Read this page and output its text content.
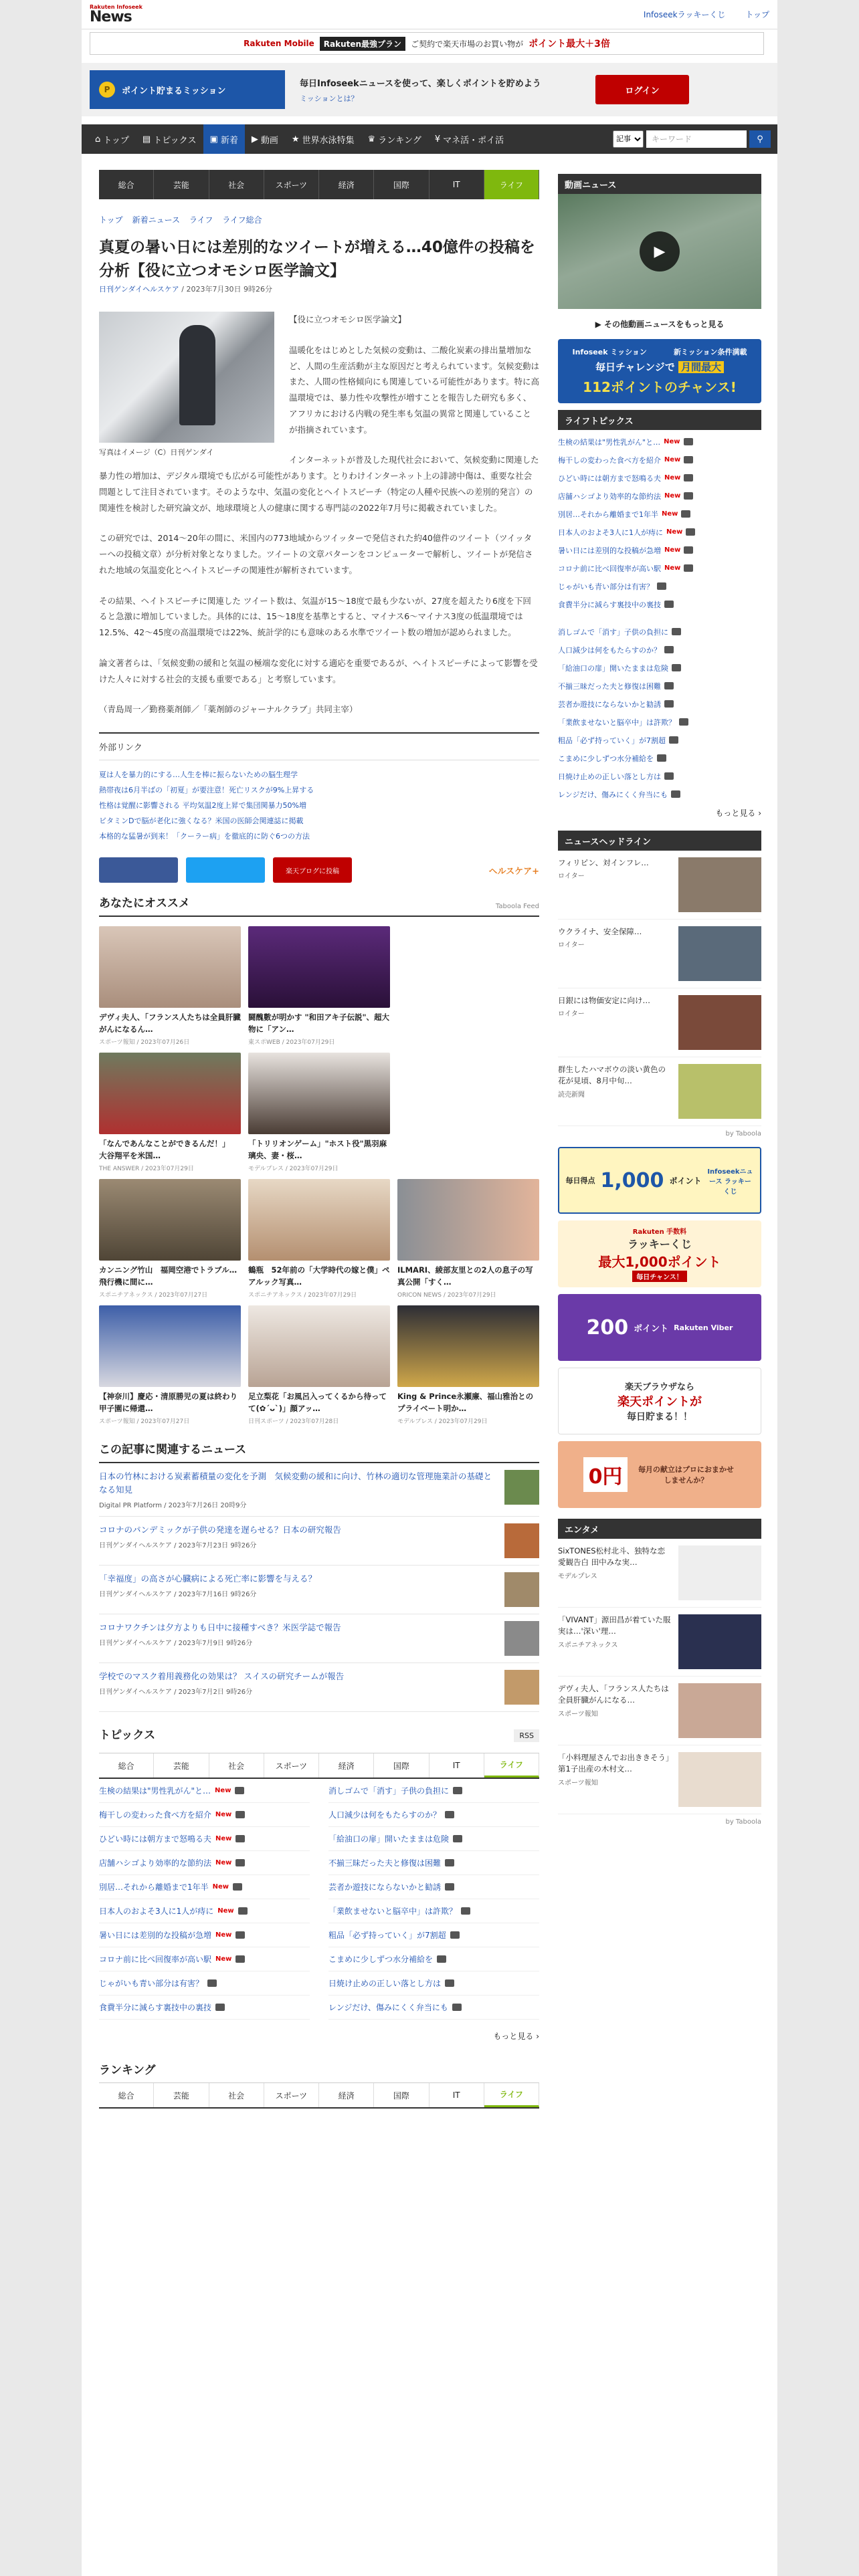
Rakuten Infoseek
News	Infoseekラッキーくじ	トップ
Rakuten Mobile	Rakuten最強プラン	ご契約で楽天市場のお買い物が ポイント最大＋3倍
P	ポイント貯まるミッション
毎日Infoseekニュースを使って、楽しくポイントを貯めよう
ミッションとは？
ログイン
⌂ トップ ▤ トピックス ▣ 新着 ▶ 動画 ★ 世界水泳特集 ♛ ランキング ¥ マネ活・ポイ活
記事	キーワード	⚲
総合	芸能	社会	スポーツ	経済	国際	IT	ライフ
トップ 新着ニュース ライフ ライフ総合
真夏の暑い日には差別的なツイートが増える…40億件の投稿を分析【役に立つオモシロ医学論文】
日刊ゲンダイヘルスケア / 2023年7月30日 9時26分
写真はイメージ（C）日刊ゲンダイ

【役に立つオモシロ医学論文】

温暖化をはじめとした気候の変動は、二酸化炭素の排出量増加など、人間の生産活動が主な原因だと考えられています。気候変動はまた、人間の性格傾向にも関連している可能性があります。特に高温環境では、暴力性や攻撃性が増すことを報告した研究も多く、アフリカにおける内戦の発生率も気温の異常と関連していることが指摘されています。

インターネットが普及した現代社会において、気候変動に関連した暴力性の増加は、デジタル環境でも広がる可能性があります。とりわけインターネット上の誹謗中傷は、重要な社会問題として注目されています。そのような中、気温の変化とヘイトスピーチ（特定の人種や民族への差別的発言）の関連性を検討した研究論文が、地球環境と人の健康に関する専門誌の2022年7月号に掲載されていました。

この研究では、2014～20年の間に、米国内の773地域からツイッターで発信された約40億件のツイート（ツイッターへの投稿文章）が分析対象となりました。ツイートの文章パターンをコンピューターで解析し、ツイートが発信された地域の気温変化とヘイトスピーチの関連性が解析されています。

その結果、ヘイトスピーチに関連した ツイート数は、気温が15～18度で最も少ないが、27度を超えたり6度を下回ると急激に増加していました。具体的には、15～18度を基準とすると、マイナス6～マイナス3度の低温環境では12.5%、42～45度の高温環境では22%、統計学的にも意味のある水準でツイート数の増加が認められました。

論文著者らは、「気候変動の緩和と気温の極端な変化に対する適応を重要であるが、ヘイトスピーチによって影響を受けた人々に対する社会的支援も重要である」と考察しています。

（青島周一／勤務薬剤師／「薬剤師のジャーナルクラブ」共同主宰）

外部リンク
夏は人を暴力的にする…人生を棒に振らないための脳生理学
熱帯夜は6月半ばの「初夏」が要注意！死亡リスクが9%上昇する
性格は覚醒に影響される 平均気温2度上昇で集団関暴力50%増
ビタミンDで脳が老化に強くなる？米国の医師会関連誌に掲載
本格的な猛暑が到来！「クーラー病」を徹底的に防ぐ6つの方法
楽天ブログに投稿	ヘルスケア+
あなたにオススメ	Taboola Feed
デヴィ夫人、「フランス人たちは全員肝臓がんになるん…
スポーツ報知 / 2023年07月26日
闘醜數が明かす "和田アキ子伝説"、超大物に「アン…
東スポWEB / 2023年07月29日
「なんであんなことができるんだ！」　大谷翔平を米国…
THE ANSWER / 2023年07月29日
「トリリオンゲーム」"ホスト役"黒羽麻璃央、妻・桜…
モデルプレス / 2023年07月29日
カンニング竹山　福岡空港でトラブル…飛行機に間に…
スポニチアネックス / 2023年07月27日
鶴瓶　52年前の「大学時代の嫁と僕」ペアルック写真…
スポニチアネックス / 2023年07月29日
ILMARI、綾部友里との2人の息子の写真公開「すく…
ORICON NEWS / 2023年07月29日
【神奈川】慶応・清原勝児の夏は終わり　甲子園に帰還…
スポーツ報知 / 2023年07月27日
足立梨花「お風呂入ってくるから待ってて(✿´ᴗ`)」顔アッ…
日刊スポーツ / 2023年07月28日
King & Prince永瀬廉、福山雅治とのプライベート明か…
モデルプレス / 2023年07月29日
この記事に関連するニュース
日本の竹林における炭素蓄積量の変化を予測　気候変動の緩和に向け、竹林の適切な管理施業計の基礎となる知見
Digital PR Platform / 2023年7月26日 20時9分
コロナのパンデミックが子供の発達を遅らせる？日本の研究報告
日刊ゲンダイヘルスケア / 2023年7月23日 9時26分
「幸福度」の高さが心臓病による死亡率に影響を与える？
日刊ゲンダイヘルスケア / 2023年7月16日 9時26分
コロナワクチンは夕方よりも日中に接種すべき？米医学誌で報告
日刊ゲンダイヘルスケア / 2023年7月9日 9時26分
学校でのマスク着用義務化の効果は？ スイスの研究チームが報告
日刊ゲンダイヘルスケア / 2023年7月2日 9時26分
トピックス	RSS
総合	芸能	社会	スポーツ	経済	国際	IT	ライフ
生検の結果は"男性乳がん"と… New	消しゴムで「消す」子供の負担に
梅干しの変わった食べ方を紹介 New	人口減少は何をもたらすのか？
ひどい時には朝方まで怒鳴る夫 New	「給油口の扉」開いたままは危険
店舗ハシゴより効率的な節約法 New	不揃三昧だった夫と修復は困難
別居…それから離婚まで1年半 New	芸者か遊技にならないかと勧誘
日本人のおよそ3人に1人が痔に New	「業飲ませないと脳卒中」は許欺？
暑い日には差別的な投稿が急増 New	粗品「必ず持っていく」が7割超
コロナ前に比べ回復率が高い駅 New	こまめに少しずつ水分補給を
じゃがいも青い部分は有害？	日焼け止めの正しい落とし方は
食費半分に減らす裏技中の裏技	レンジだけ、傷みにくく弁当にも
もっと見る ›
ランキング
総合	芸能	社会	スポーツ	経済	国際	IT	ライフ
動画ニュース
▶
▶ その他動画ニュースをもっと見る
Infoseek ミッション	新ミッション条件满載
毎日チャレンジで 月間最大
112ポイントのチャンス!
ライフトピックス
生検の結果は"男性乳がん"と… New
梅干しの変わった食べ方を紹介 New
ひどい時には朝方まで怒鳴る夫 New
店舗ハシゴより効率的な節約法 New
別居…それから離婚まで1年半 New
日本人のおよそ3人に1人が痔に New
暑い日には差別的な投稿が急増 New
コロナ前に比べ回復率が高い駅 New
じゃがいも青い部分は有害？
食費半分に減らす裏技中の裏技
消しゴムで「消す」子供の負担に
人口減少は何をもたらすのか？
「給油口の扉」開いたままは危険
不揃三昧だった夫と修復は困難
芸者か遊技にならないかと勧誘
「業飲ませないと脳卒中」は許欺？
粗品「必ず持っていく」が7割超
こまめに少しずつ水分補給を
日焼け止めの正しい落とし方は
レンジだけ、傷みにくく弁当にも
もっと見る ›
ニュースヘッドライン
フィリピン、対インフレ…
ロイター
ウクライナ、安全保障…
ロイター
日銀には物価安定に向け…
ロイター
群生したハマボウの淡い黄色の花が見頃、8月中旬…
読売新聞
by Taboola
毎日得点 1,000 ポイント
Infoseekニュース ラッキーくじ
Rakuten 手数料
ラッキーくじ
最大1,000ポイント
毎日チャンス！
200 ポイント Rakuten Viber
楽天ブラウザなら
楽天ポイントが
毎日貯まる！！
0円	毎月の献立はプロにおまかせしませんか？
エンタメ
SixTONES松村北斗、独特な恋愛観告白 田中みな実…
モデルプレス
「VIVANT」源田昌が着ていた服　実は…'深い'理…
スポニチアネックス
デヴィ夫人、「フランス人たちは全員肝臓がんになる…
スポーツ報知
「小料理屋さんでお出ききそう」第1子出産の木村文…
スポーツ報知
by Taboola
